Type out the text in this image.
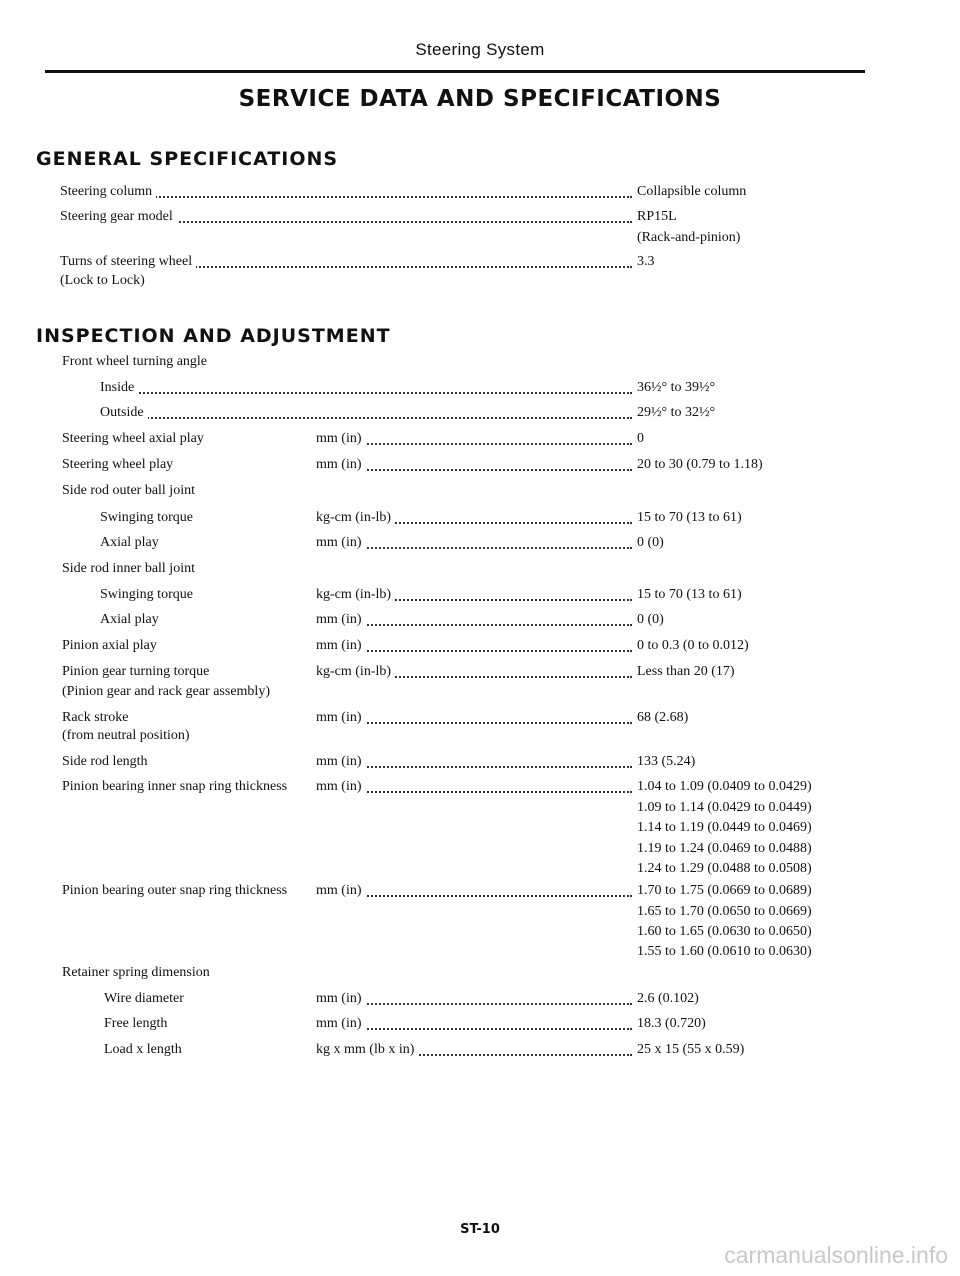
Steering System
SERVICE DATA AND SPECIFICATIONS
GENERAL SPECIFICATIONS
Steering column	Collapsible column
Steering gear model	RP15L
(Rack-and-pinion)
Turns of steering wheel	3.3
(Lock to Lock)
INSPECTION AND ADJUSTMENT
Front wheel turning angle
Inside	36½° to 39½°
Outside	29½° to 32½°
Steering wheel axial play	mm (in)	0
Steering wheel play	mm (in)	20 to 30 (0.79 to 1.18)
Side rod outer ball joint
Swinging torque	kg-cm (in-lb)	15 to 70 (13 to 61)
Axial play	mm (in)	0 (0)
Side rod inner ball joint
Swinging torque	kg-cm (in-lb)	15 to 70 (13 to 61)
Axial play	mm (in)	0 (0)
Pinion axial play	mm (in)	0 to 0.3 (0 to 0.012)
Pinion gear turning torque	kg-cm (in-lb)	Less than 20 (17)
(Pinion gear and rack gear assembly)
Rack stroke	mm (in)	68 (2.68)
(from neutral position)
Side rod length	mm (in)	133 (5.24)
Pinion bearing inner snap ring thickness mm (in)	1.04 to 1.09 (0.0409 to 0.0429)
1.09 to 1.14 (0.0429 to 0.0449)
1.14 to 1.19 (0.0449 to 0.0469)
1.19 to 1.24 (0.0469 to 0.0488)
1.24 to 1.29 (0.0488 to 0.0508)
Pinion bearing outer snap ring thickness mm (in)	1.70 to 1.75 (0.0669 to 0.0689)
1.65 to 1.70 (0.0650 to 0.0669)
1.60 to 1.65 (0.0630 to 0.0650)
1.55 to 1.60 (0.0610 to 0.0630)
Retainer spring dimension
Wire diameter	mm (in)	2.6 (0.102)
Free length	mm (in)	18.3 (0.720)
Load x length	kg x mm (lb x in)	25 x 15 (55 x 0.59)
ST-10
carmanualsonline.info
